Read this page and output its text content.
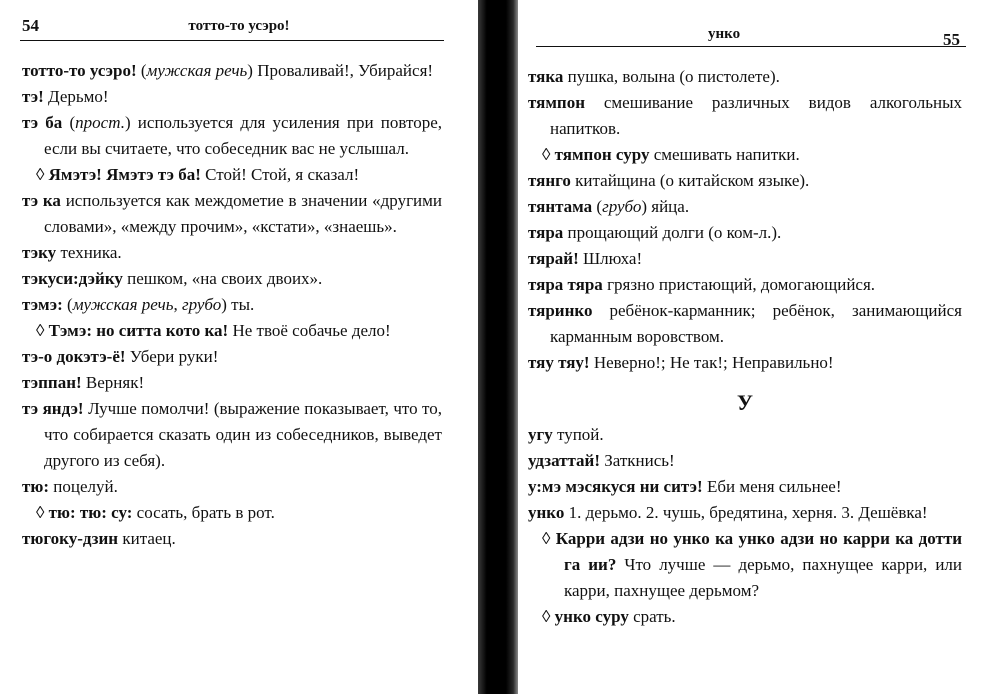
54	тотто-то усэро!
тотто-то усэро! (мужская речь) Проваливай!, Убирайся!
тэ! Дерьмо!
тэ ба (прост.) используется для усиления при повторе, если вы считаете, что собеседник вас не услышал.
◊ Ямэтэ! Ямэтэ тэ ба! Стой! Стой, я сказал!
тэ ка используется как междометие в значении «другими словами», «между прочим», «кстати», «знаешь».
тэку техника.
тэкуси:дэйку пешком, «на своих двоих».
тэмэ: (мужская речь, грубо) ты.
◊ Тэмэ: но ситта кото ка! Не твоё собачье дело!
тэ-о докэтэ-ё! Убери руки!
тэппан! Верняк!
тэ яндэ! Лучше помолчи! (выражение показывает, что то, что собирается сказать один из собеседников, выведет другого из себя).
тю: поцелуй.
◊ тю: тю: су: сосать, брать в рот.
тюгоку-дзин китаец.
унко	55
тяка пушка, волына (о пистолете).
тямпон смешивание различных видов алкогольных напитков.
◊ тямпон суру смешивать напитки.
тянго китайщина (о китайском языке).
тянтама (грубо) яйца.
тяра прощающий долги (о ком-л.).
тярай! Шлюха!
тяра тяра грязно пристающий, домогающийся.
тяринко ребёнок-карманник; ребёнок, занимающийся карманным воровством.
тяу тяу! Неверно!; Не так!; Неправильно!
У
угу тупой.
удзаттай! Заткнись!
у:мэ мэсякуся ни ситэ! Еби меня сильнее!
унко 1. дерьмо. 2. чушь, бредятина, херня. 3. Дешёвка!
◊ Карри адзи но унко ка унко адзи но карри ка дотти га ии? Что лучше — дерьмо, пахнущее карри, или карри, пахнущее дерьмом?
◊ унко суру срать.
